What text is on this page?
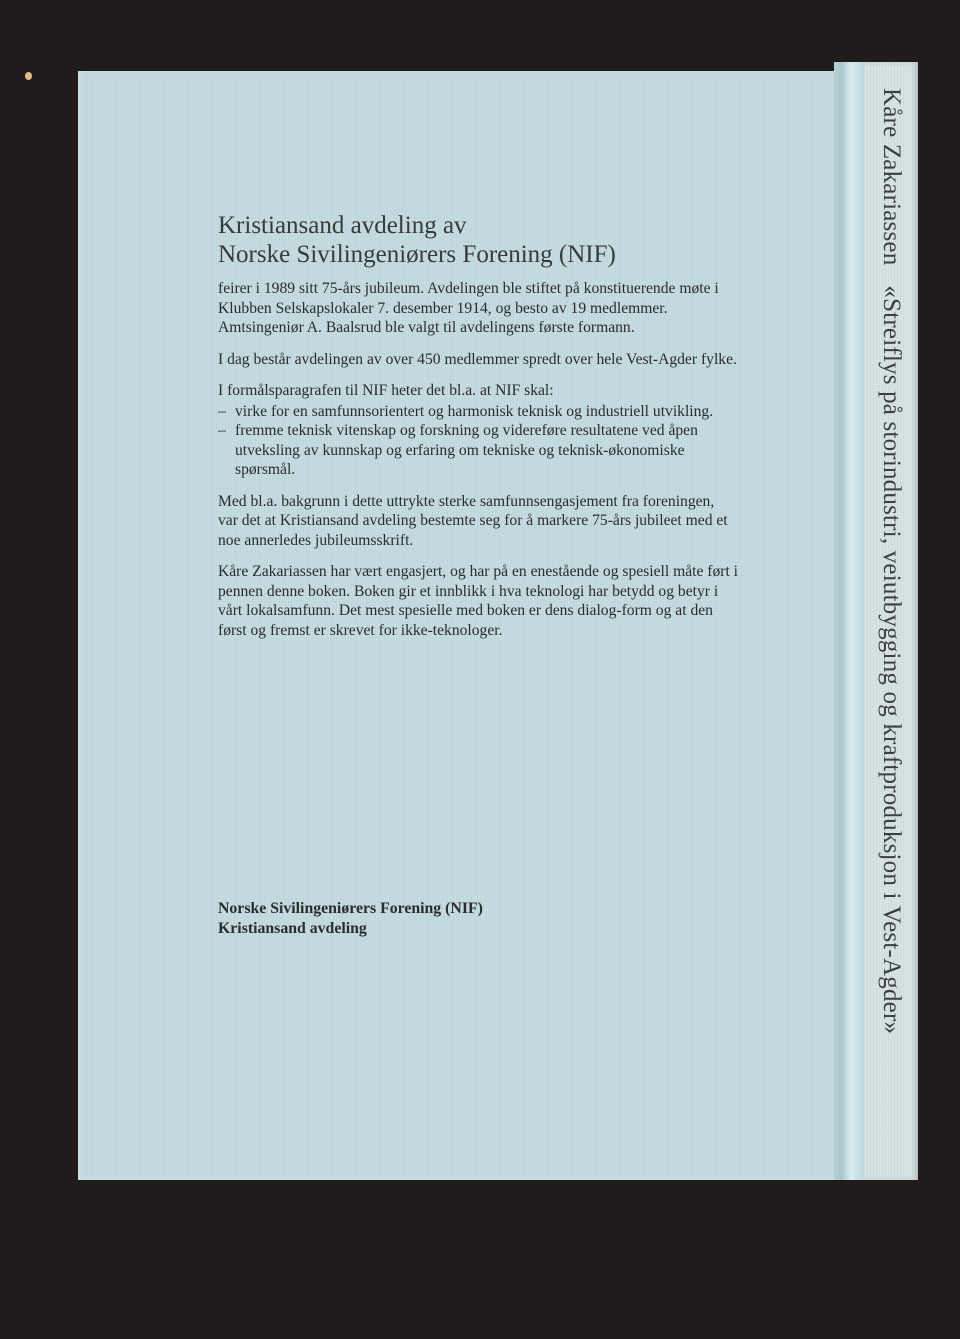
Kristiansand avdeling av
Norske Sivilingeniørers Forening (NIF)

feirer i 1989 sitt 75-års jubileum. Avdelingen ble stiftet på konstituerende møte i Klubben Selskapslokaler 7. desember 1914, og besto av 19 medlemmer. Amtsingeniør A. Baalsrud ble valgt til avdelingens første formann.

I dag består avdelingen av over 450 medlemmer spredt over hele Vest-Agder fylke.

I formålsparagrafen til NIF heter det bl.a. at NIF skal:

– virke for en samfunnsorientert og harmonisk teknisk og industriell utvikling.
– fremme teknisk vitenskap og forskning og videreføre resultatene ved åpen utveksling av kunnskap og erfaring om tekniske og teknisk-økonomiske spørsmål.

Med bl.a. bakgrunn i dette uttrykte sterke samfunnsengasjement fra foreningen, var det at Kristiansand avdeling bestemte seg for å markere 75-års jubileet med et noe annerledes jubileumsskrift.

Kåre Zakariassen har vært engasjert, og har på en enestående og spesiell måte ført i pennen denne boken. Boken gir et innblikk i hva teknologi har betydd og betyr i vårt lokalsamfunn. Det mest spesielle med boken er dens dialog-form og at den først og fremst er skrevet for ikke-teknologer.

Norske Sivilingeniørers Forening (NIF)
Kristiansand avdeling
Kåre Zakariassen«Streiflys på storindustri, veiutbygging og kraftproduksjon i Vest-Agder»
